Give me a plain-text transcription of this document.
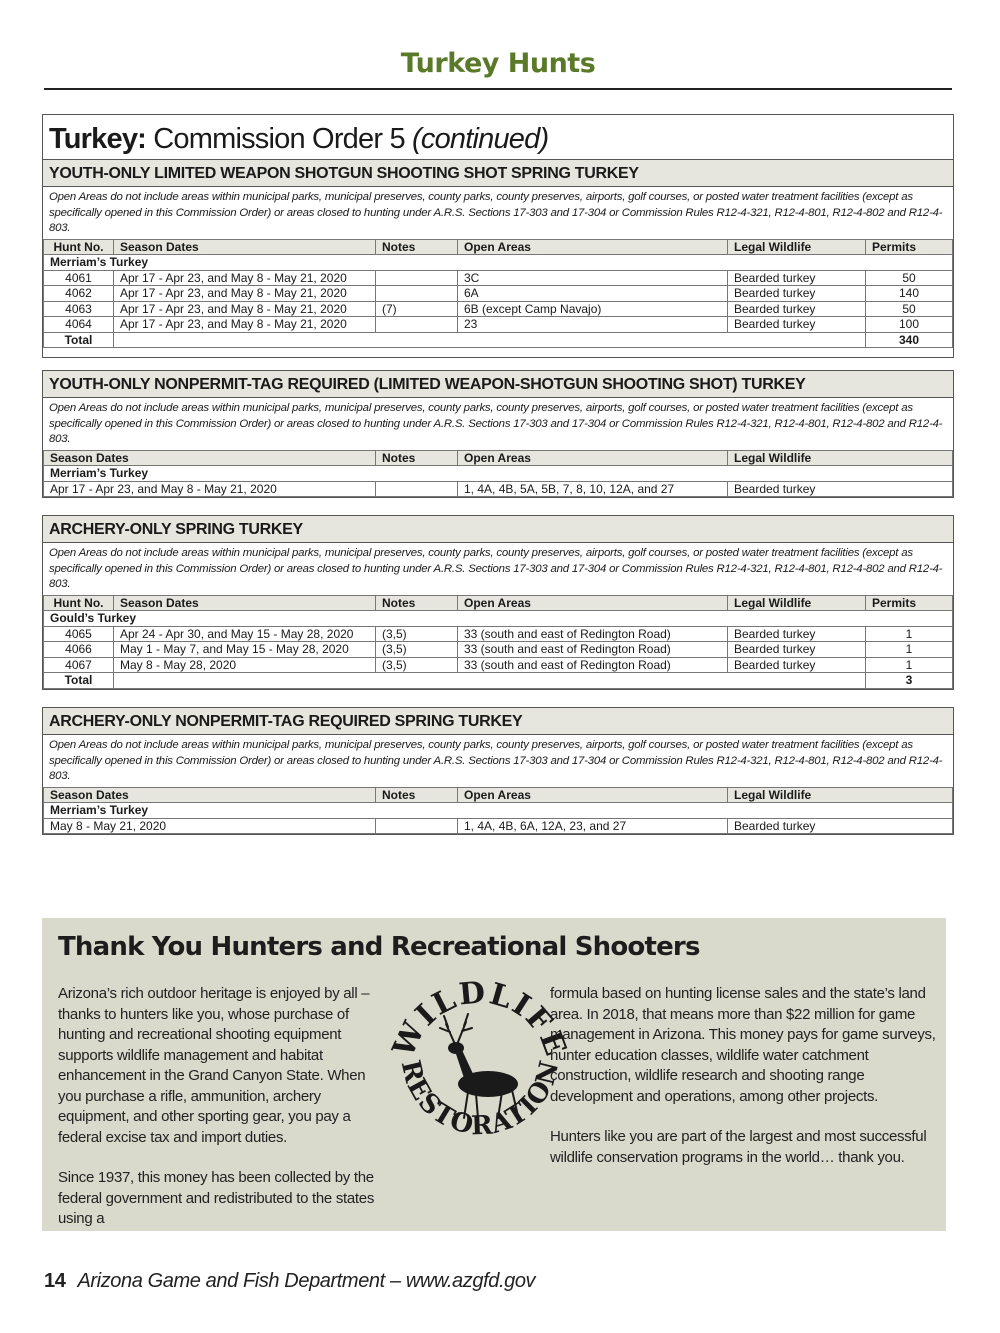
Turkey Hunts
Turkey: Commission Order 5 (continued)
YOUTH-ONLY LIMITED WEAPON SHOTGUN SHOOTING SHOT SPRING TURKEY
Open Areas do not include areas within municipal parks, municipal preserves, county parks, county preserves, airports, golf courses, or posted water treatment facilities (except as specifically opened in this Commission Order) or areas closed to hunting under A.R.S. Sections 17-303 and 17-304 or Commission Rules R12-4-321, R12-4-801, R12-4-802 and R12-4-803.
Hunt No.	Season Dates	Notes	Open Areas	Legal Wildlife	Permits
Merriam’s Turkey					
4061	Apr 17 - Apr 23, and May 8 - May 21, 2020		3C	Bearded turkey	50
4062	Apr 17 - Apr 23, and May 8 - May 21, 2020		6A	Bearded turkey	140
4063	Apr 17 - Apr 23, and May 8 - May 21, 2020	(7)	6B (except Camp Navajo)	Bearded turkey	50
4064	Apr 17 - Apr 23, and May 8 - May 21, 2020		23	Bearded turkey	100
Total					340
YOUTH-ONLY NONPERMIT-TAG REQUIRED (LIMITED WEAPON-SHOTGUN SHOOTING SHOT) TURKEY
Open Areas do not include areas within municipal parks, municipal preserves, county parks, county preserves, airports, golf courses, or posted water treatment facilities (except as specifically opened in this Commission Order) or areas closed to hunting under A.R.S. Sections 17-303 and 17-304 or Commission Rules R12-4-321, R12-4-801, R12-4-802 and R12-4-803.
Season Dates	Notes	Open Areas	Legal Wildlife
Merriam’s Turkey			
Apr 17 - Apr 23, and May 8 - May 21, 2020		1, 4A, 4B, 5A, 5B, 7, 8, 10, 12A, and 27	Bearded turkey
ARCHERY-ONLY SPRING TURKEY
Open Areas do not include areas within municipal parks, municipal preserves, county parks, county preserves, airports, golf courses, or posted water treatment facilities (except as specifically opened in this Commission Order) or areas closed to hunting under A.R.S. Sections 17-303 and 17-304 or Commission Rules R12-4-321, R12-4-801, R12-4-802 and R12-4-803.
Hunt No.	Season Dates	Notes	Open Areas	Legal Wildlife	Permits
Gould’s Turkey					
4065	Apr 24 - Apr 30, and May 15 - May 28, 2020	(3,5)	33 (south and east of Redington Road)	Bearded turkey	1
4066	May 1 - May 7, and May 15 - May 28, 2020	(3,5)	33 (south and east of Redington Road)	Bearded turkey	1
4067	May 8 - May 28, 2020	(3,5)	33 (south and east of Redington Road)	Bearded turkey	1
Total					3
ARCHERY-ONLY NONPERMIT-TAG REQUIRED SPRING TURKEY
Open Areas do not include areas within municipal parks, municipal preserves, county parks, county preserves, airports, golf courses, or posted water treatment facilities (except as specifically opened in this Commission Order) or areas closed to hunting under A.R.S. Sections 17-303 and 17-304 or Commission Rules R12-4-321, R12-4-801, R12-4-802 and R12-4-803.
Season Dates	Notes	Open Areas	Legal Wildlife
Merriam’s Turkey			
May 8 - May 21, 2020		1, 4A, 4B, 6A, 12A, 23, and 27	Bearded turkey
Thank You Hunters and Recreational Shooters

Arizona’s rich outdoor heritage is enjoyed by all – thanks to hunters like you, whose purchase of hunting and recreational shooting equipment supports wildlife management and habitat enhancement in the Grand Canyon State. When you purchase a rifle, ammunition, archery equipment, and other sporting gear, you pay a federal excise tax and import duties.

Since 1937, this money has been collected by the federal government and redistributed to the states using a

WILDLIFE
RESTORATION

formula based on hunting license sales and the state’s land area. In 2018, that means more than $22 million for game management in Arizona. This money pays for game surveys, hunter education classes, wildlife water catchment construction, wildlife research and shooting range development and operations, among other projects.

Hunters like you are part of the largest and most successful wildlife conservation programs in the world… thank you.

14 Arizona Game and Fish Department – www.azgfd.gov
